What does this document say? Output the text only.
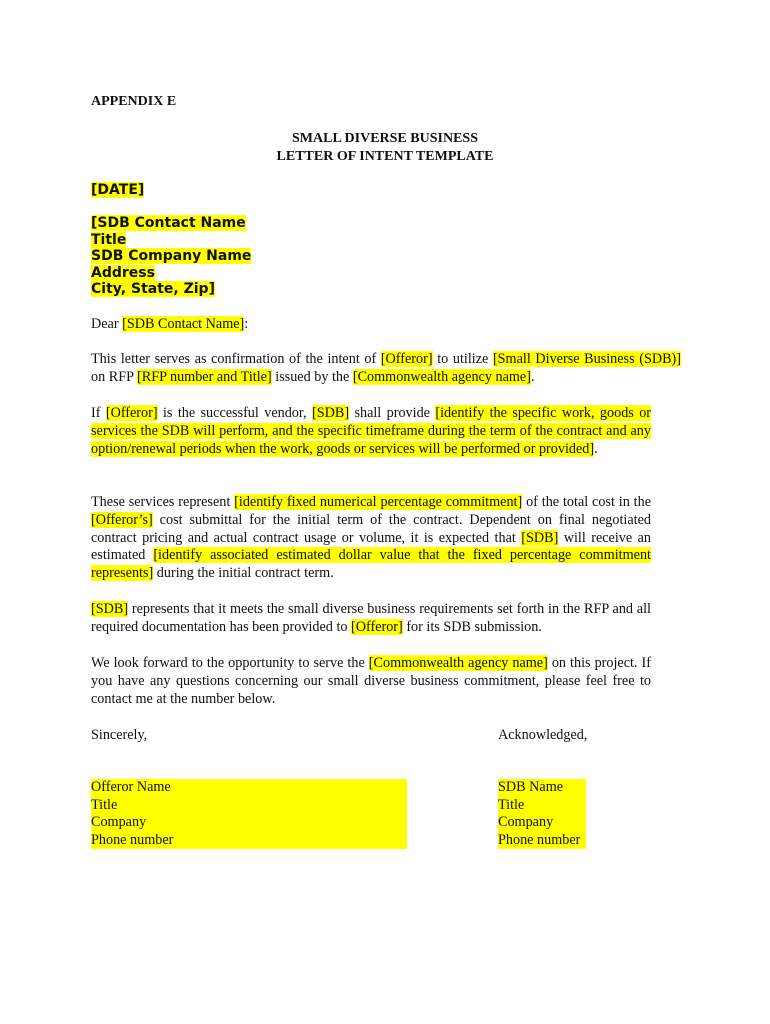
APPENDIX E
SMALL DIVERSE BUSINESS
LETTER OF INTENT TEMPLATE
[DATE]
[SDB Contact Name
Title
SDB Company Name
Address
City, State, Zip]
Dear [SDB Contact Name]:
This letter serves as confirmation of the intent of [Offeror] to utilize [Small Diverse Business (SDB)] on RFP [RFP number and Title] issued by the [Commonwealth agency name].
If [Offeror] is the successful vendor, [SDB] shall provide [identify the specific work, goods or services the SDB will perform, and the specific timeframe during the term of the contract and any option/renewal periods when the work, goods or services will be performed or provided].
These services represent [identify fixed numerical percentage commitment] of the total cost in the [Offeror’s] cost submittal for the initial term of the contract. Dependent on final negotiated contract pricing and actual contract usage or volume, it is expected that [SDB] will receive an estimated [identify associated estimated dollar value that the fixed percentage commitment represents] during the initial contract term.
[SDB] represents that it meets the small diverse business requirements set forth in the RFP and all required documentation has been provided to [Offeror] for its SDB submission.
We look forward to the opportunity to serve the [Commonwealth agency name] on this project. If you have any questions concerning our small diverse business commitment, please feel free to contact me at the number below.
Sincerely,	Acknowledged,
Offeror Name
Title
Company
Phone number
SDB Name
Title
Company
Phone number
